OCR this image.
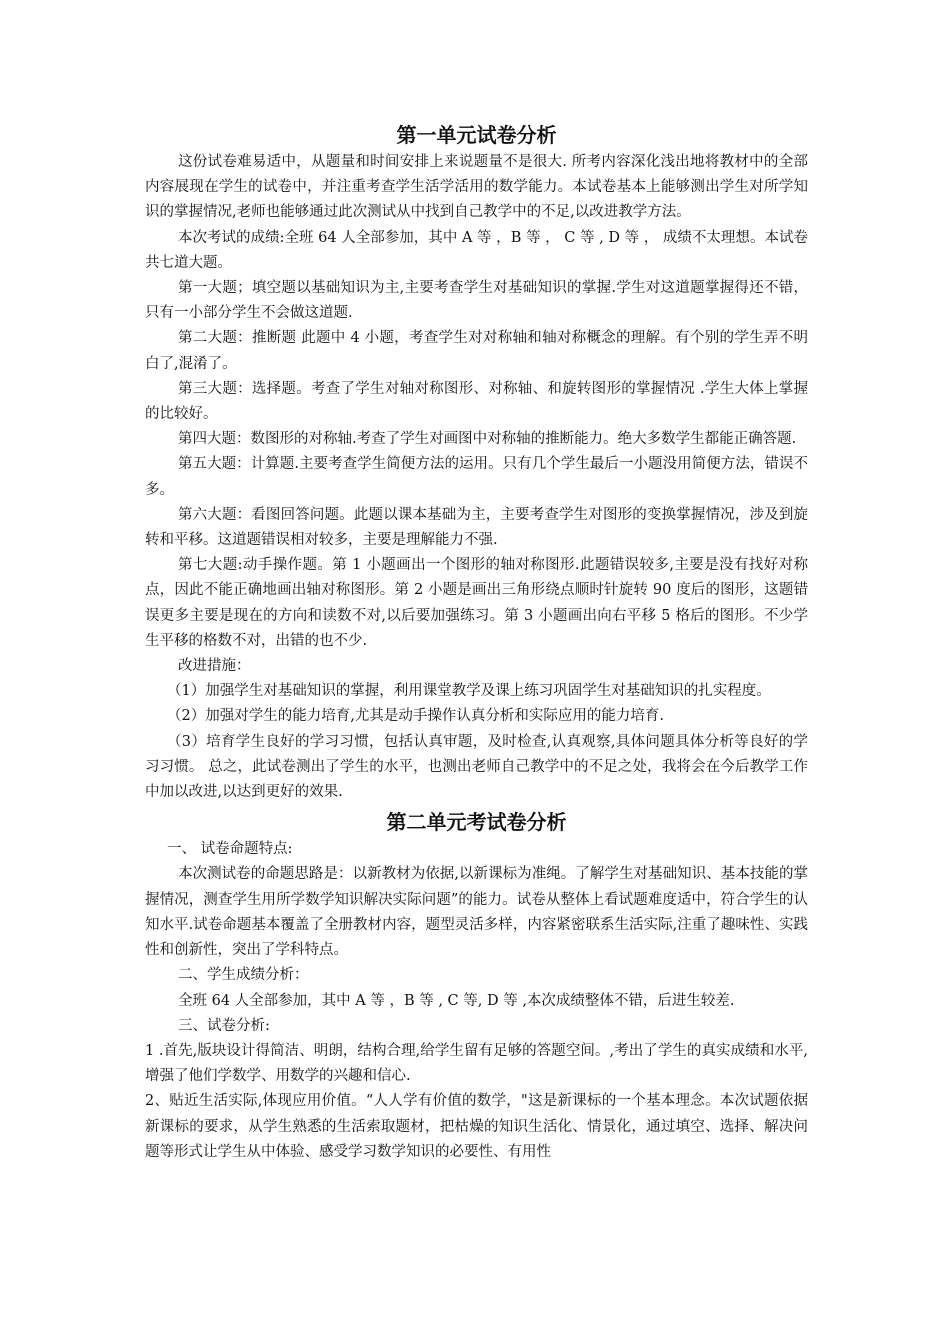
第一单元试卷分析

这份试卷难易适中，从题量和时间安排上来说题量不是很大. 所考内容深化浅出地将教材中的全部内容展现在学生的试卷中，并注重考查学生活学活用的数学能力。本试卷基本上能够测出学生对所学知识的掌握情况,老师也能够通过此次测试从中找到自己教学中的不足,以改进教学方法。

本次考试的成绩:全班 64 人全部参加，其中 A 等 ，B 等 ， C 等 , D 等 ， 成绩不太理想。本试卷共七道大题。

第一大题；填空题以基础知识为主,主要考查学生对基础知识的掌握.学生对这道题掌握得还不错，只有一小部分学生不会做这道题.

第二大题：推断题 此题中 4 小题，考查学生对对称轴和轴对称概念的理解。有个别的学生弄不明白了,混淆了。

第三大题：选择题。考查了学生对轴对称图形、对称轴、和旋转图形的掌握情况 .学生大体上掌握的比较好。

第四大题：数图形的对称轴.考查了学生对画图中对称轴的推断能力。绝大多数学生都能正确答题.

第五大题：计算题.主要考查学生简便方法的运用。只有几个学生最后一小题没用简便方法，错误不多。

第六大题：看图回答问题。此题以课本基础为主，主要考查学生对图形的变换掌握情况，涉及到旋转和平移。这道题错误相对较多，主要是理解能力不强.

第七大题:动手操作题。第 1 小题画出一个图形的轴对称图形.此题错误较多,主要是没有找好对称点，因此不能正确地画出轴对称图形。第 2 小题是画出三角形绕点顺时针旋转 90 度后的图形，这题错误更多主要是现在的方向和读数不对,以后要加强练习。第 3 小题画出向右平移 5 格后的图形。不少学生平移的格数不对，出错的也不少.

改进措施：

（1）加强学生对基础知识的掌握，利用课堂教学及课上练习巩固学生对基础知识的扎实程度。

（2）加强对学生的能力培育,尤其是动手操作认真分析和实际应用的能力培育.

（3）培育学生良好的学习习惯，包括认真审题，及时检查,认真观察,具体问题具体分析等良好的学习习惯。 总之，此试卷测出了学生的水平，也测出老师自己教学中的不足之处，我将会在今后教学工作中加以改进,以达到更好的效果.

第二单元考试卷分析

一、 试卷命题特点:

本次测试卷的命题思路是：以新教材为依据,以新课标为准绳。了解学生对基础知识、基本技能的掌握情况，测查学生用所学数学知识解决实际问题”的能力。试卷从整体上看试题难度适中，符合学生的认知水平.试卷命题基本覆盖了全册教材内容，题型灵活多样，内容紧密联系生活实际,注重了趣味性、实践性和创新性，突出了学科特点。

二、学生成绩分析：

全班 64 人全部参加，其中 A 等 ，B 等 , C 等, D 等 ,本次成绩整体不错，后进生较差.

三、试卷分析:

1 .首先,版块设计得简洁、明朗，结构合理,给学生留有足够的答题空间。,考出了学生的真实成绩和水平,增强了他们学数学、用数学的兴趣和信心.

2、贴近生活实际,体现应用价值。“人人学有价值的数学，"这是新课标的一个基本理念。本次试题依据新课标的要求，从学生熟悉的生活索取题材，把枯燥的知识生活化、情景化，通过填空、选择、解决问题等形式让学生从中体验、感受学习数学知识的必要性、有用性
